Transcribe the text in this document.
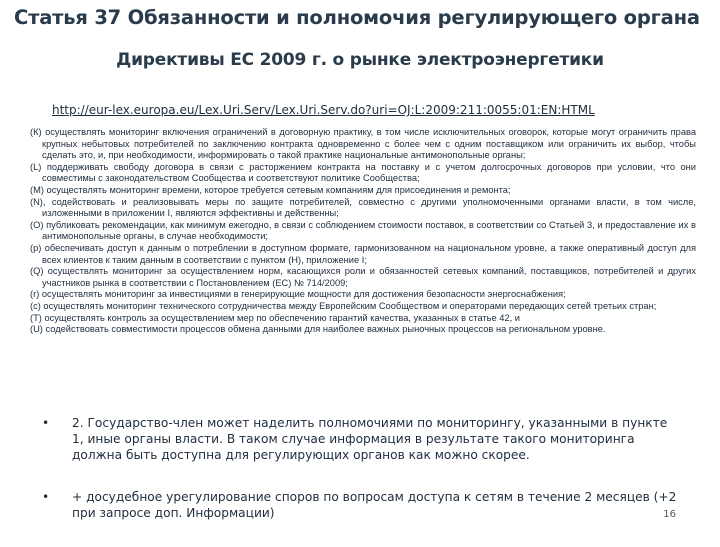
Статья 37 Обязанности и полномочия регулирующего органа
Директивы ЕС 2009 г. о рынке электроэнергетики
http://eur-lex.europa.eu/Lex.Uri.Serv/Lex.Uri.Serv.do?uri=OJ:L:2009:211:0055:01:EN:HTML

(К) осуществлять мониторинг включения ограничений в договорную практику, в том числе исключительных оговорок, которые могут ограничить права крупных небытовых потребителей по заключению контракта одновременно с более чем с одним поставщиком или ограничить их выбор, чтобы сделать это, и, при необходимости, информировать о такой практике национальные антимонопольные органы;

(L) поддерживать свободу договора в связи с расторжением контракта на поставку и с учетом долгосрочных договоров при условии, что они совместимы с законодательством Сообщества и соответствуют политике Сообщества;

(M) осуществлять мониторинг времени, которое требуется сетевым компаниям для присоединения и ремонта;

(N), содействовать и реализовывать меры по защите потребителей, совместно с другими уполномоченными органами власти, в том числе, изложенными в приложении I, являются эффективны и действенны;

(О) публиковать рекомендации, как минимум ежегодно, в связи с соблюдением стоимости поставок, в соответствии со Статьей 3, и предоставление их в антимонопольные органы, в случае необходимости;

(р) обеспечивать доступ к данным о потреблении в доступном формате, гармонизованном на национальном уровне, а также оперативный доступ для всех клиентов к таким данным в соответствии с пунктом (H), приложение I;

(Q) осуществлять мониторинг за осуществлением норм, касающихся роли и обязанностей сетевых компаний, поставщиков, потребителей и других участников рынка в соответствии с Постановлением (ЕС) № 714/2009;

(r) осуществлять мониторинг за инвестициями в генерирующие мощности для достижения безопасности энергоснабжения;

(с) осуществлять мониторинг технического сотрудничества между Европейским Сообществом и операторами передающих сетей третьих стран;

(T) осуществлять контроль за осуществлением мер по обеспечению гарантий качества, указанных в статье 42, и

(U) содействовать совместимости процессов обмена данными для наиболее важных рыночных процессов на региональном уровне.

• 2. Государство-член может наделить полномочиями по мониторингу, указанными в пункте 1, иные органы власти. В таком случае информация в результате такого мониторинга должна быть доступна для регулирующих органов как можно скорее.
• + досудебное урегулирование споров по вопросам доступа к сетям в течение 2 месяцев (+2 при запросе доп. Информации)	16
